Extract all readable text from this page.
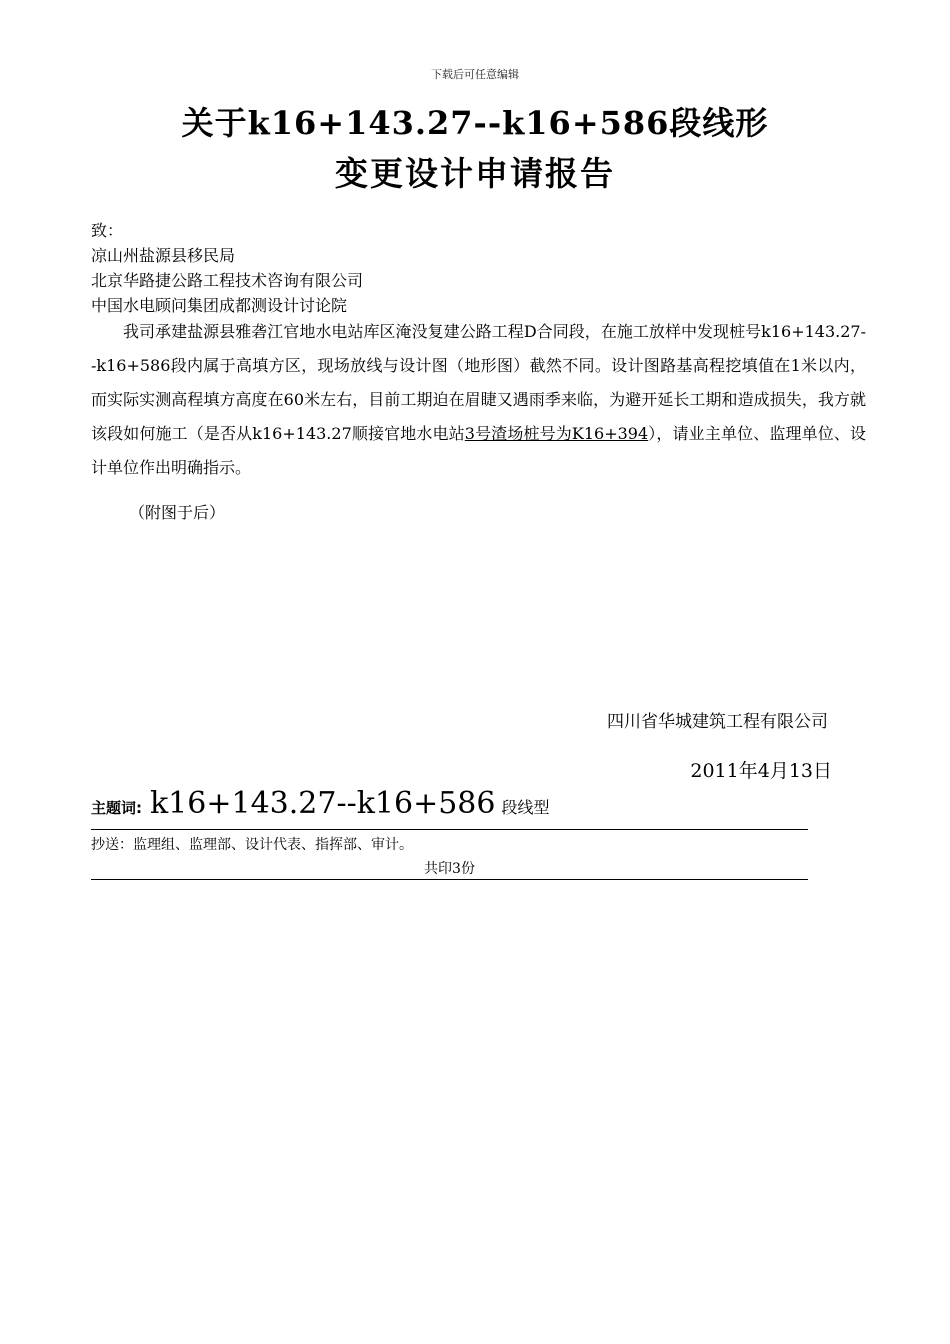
下载后可任意编辑
关于k16+143.27--k16+586段线形
变更设计申请报告
致：
凉山州盐源县移民局
北京华路捷公路工程技术咨询有限公司
中国水电顾问集团成都测设计讨论院
我司承建盐源县雅砻江官地水电站库区淹没复建公路工程D合同段，在施工放样中发现桩号k16+143.27--k16+586段内属于高填方区，现场放线与设计图（地形图）截然不同。设计图路基高程挖填值在1米以内，而实际实测高程填方高度在60米左右，目前工期迫在眉睫又遇雨季来临，为避开延长工期和造成损失，我方就该段如何施工（是否从k16+143.27顺接官地水电站3号渣场桩号为K16+394），请业主单位、监理单位、设计单位作出明确指示。
（附图于后）
四川省华城建筑工程有限公司
2011年4月13日
主题词: k16+143.27--k16+586 段线型
抄送：监理组、监理部、设计代表、指挥部、审计。
共印3份
